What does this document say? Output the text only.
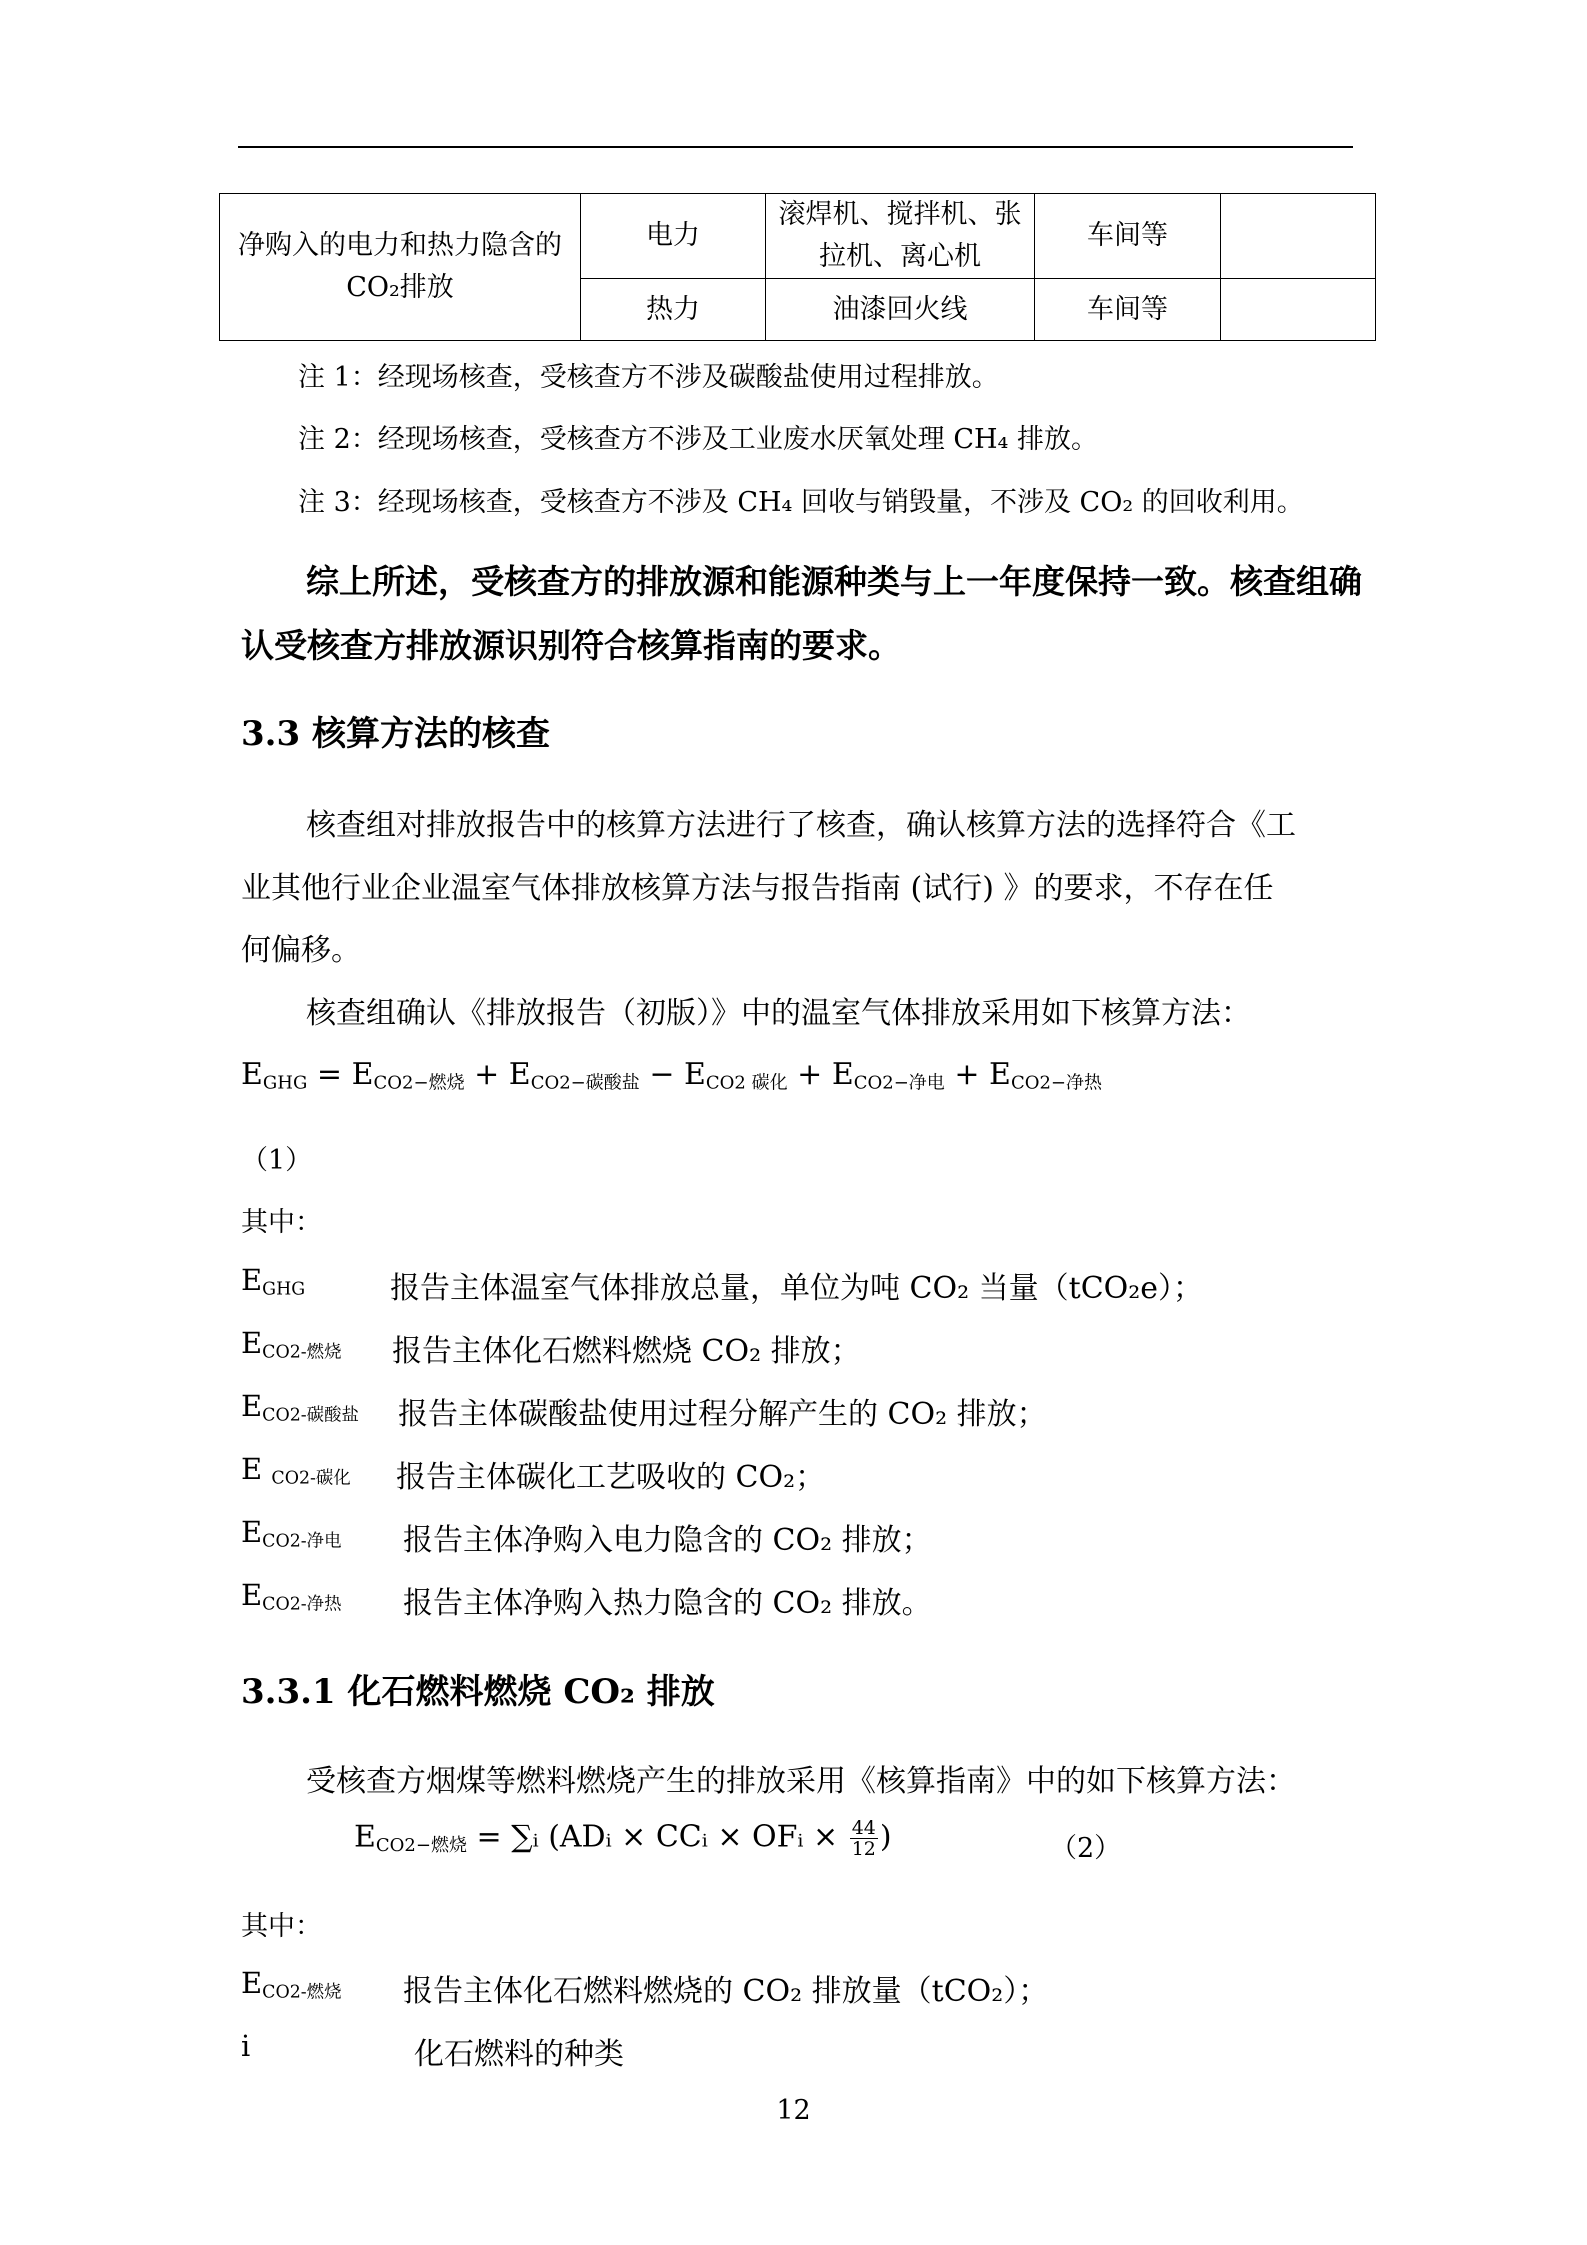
净购入的电力和热力隐含的CO₂排放	电力	滚焊机、搅拌机、张拉机、离心机	车间等	
	热力	油漆回火线	车间等	
注 1：经现场核查，受核查方不涉及碳酸盐使用过程排放。
注 2：经现场核查，受核查方不涉及工业废水厌氧处理 CH₄ 排放。
注 3：经现场核查，受核查方不涉及 CH₄ 回收与销毁量，不涉及 CO₂ 的回收利用。
综上所述，受核查方的排放源和能源种类与上一年度保持一致。核查组确
认受核查方排放源识别符合核算指南的要求。
3.3 核算方法的核查
核查组对排放报告中的核算方法进行了核查，确认核算方法的选择符合《工
业其他行业企业温室气体排放核算方法与报告指南 (试行) 》的要求，不存在任
何偏移。
核查组确认《排放报告（初版）》中的温室气体排放采用如下核算方法：
$E_{GHG} = E_{CO2-燃烧} + E_{CO2-碳酸盐} - E_{CO2 碳化} + E_{CO2-净电} + E_{CO2-净热}$
（1）
其中：
$E_{GHG}$	报告主体温室气体排放总量，单位为吨 CO₂ 当量（tCO₂e）；
$E_{CO2-燃烧}$ 报告主体化石燃料燃烧 CO₂ 排放；
$E_{CO2-碳酸盐}$ 报告主体碳酸盐使用过程分解产生的 CO₂ 排放；
E $_{CO2-碳化}$ 报告主体碳化工艺吸收的 CO₂；
$E_{CO2-净电}$ 报告主体净购入电力隐含的 CO₂ 排放；
$E_{CO2-净热}$ 报告主体净购入热力隐含的 CO₂ 排放。
3.3.1 化石燃料燃烧 CO₂ 排放
受核查方烟煤等燃料燃烧产生的排放采用《核算指南》中的如下核算方法：
$E_{CO2-燃烧}$ = ∑ᵢ (ADᵢ × CCᵢ × OFᵢ × $\frac{44}{12}$ )	（2）
其中：
$E_{CO2-燃烧}$ 报告主体化石燃料燃烧的 CO₂ 排放量（tCO₂）；
i	化石燃料的种类
12
